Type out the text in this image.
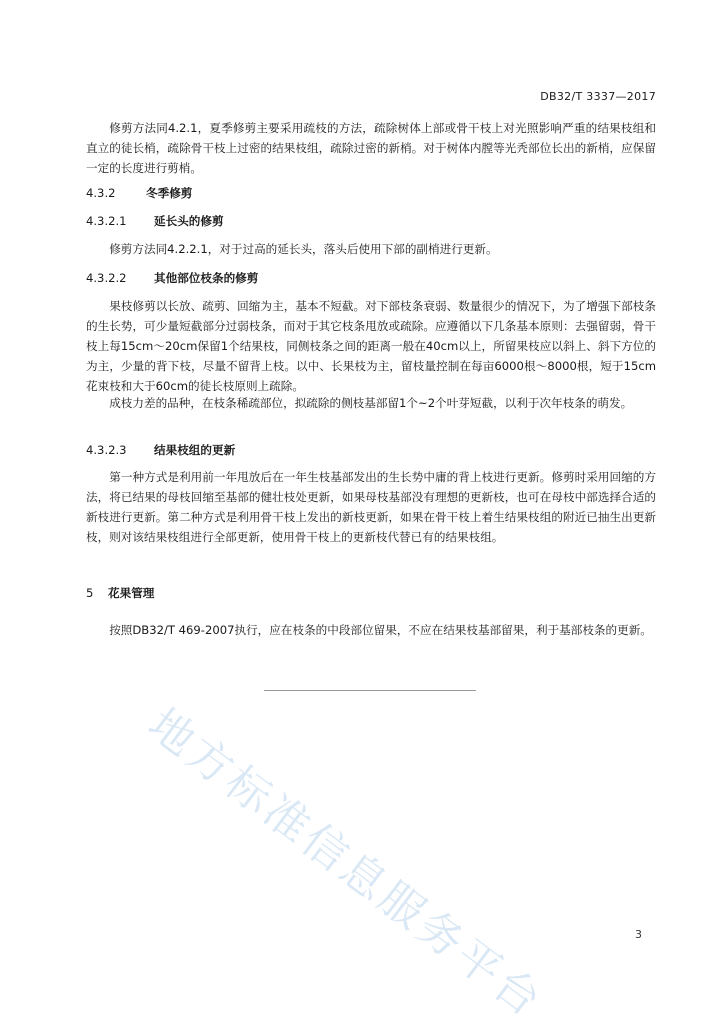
DB32/T 3337—2017

修剪方法同4.2.1，夏季修剪主要采用疏枝的方法，疏除树体上部或骨干枝上对光照影响严重的结果枝组和直立的徒长梢，疏除骨干枝上过密的结果枝组，疏除过密的新梢。对于树体内膛等光秃部位长出的新梢，应保留一定的长度进行剪梢。

4.3.2	冬季修剪
4.3.2.1 延长头的修剪

修剪方法同4.2.2.1，对于过高的延长头，落头后使用下部的副梢进行更新。

4.3.2.2 其他部位枝条的修剪

果枝修剪以长放、疏剪、回缩为主，基本不短截。对下部枝条衰弱、数量很少的情况下，为了增强下部枝条的生长势，可少量短截部分过弱枝条，而对于其它枝条甩放或疏除。应遵循以下几条基本原则：去强留弱，骨干枝上每15cm～20cm保留1个结果枝，同侧枝条之间的距离一般在40cm以上，所留果枝应以斜上、斜下方位的为主，少量的背下枝，尽量不留背上枝。以中、长果枝为主，留枝量控制在每亩6000根～8000根，短于15cm花束枝和大于60cm的徒长枝原则上疏除。

成枝力差的品种，在枝条稀疏部位，拟疏除的侧枝基部留1个~2个叶芽短截，以利于次年枝条的萌发。

4.3.2.3 结果枝组的更新

第一种方式是利用前一年甩放后在一年生枝基部发出的生长势中庸的背上枝进行更新。修剪时采用回缩的方法，将已结果的母枝回缩至基部的健壮枝处更新，如果母枝基部没有理想的更新枝，也可在母枝中部选择合适的新枝进行更新。第二种方式是利用骨干枝上发出的新枝更新，如果在骨干枝上着生结果枝组的附近已抽生出更新枝，则对该结果枝组进行全部更新，使用骨干枝上的更新枝代替已有的结果枝组。

5 花果管理

按照DB32/T 469-2007执行，应在枝条的中段部位留果，不应在结果枝基部留果，利于基部枝条的更新。

地方标准信息服务平台	3
